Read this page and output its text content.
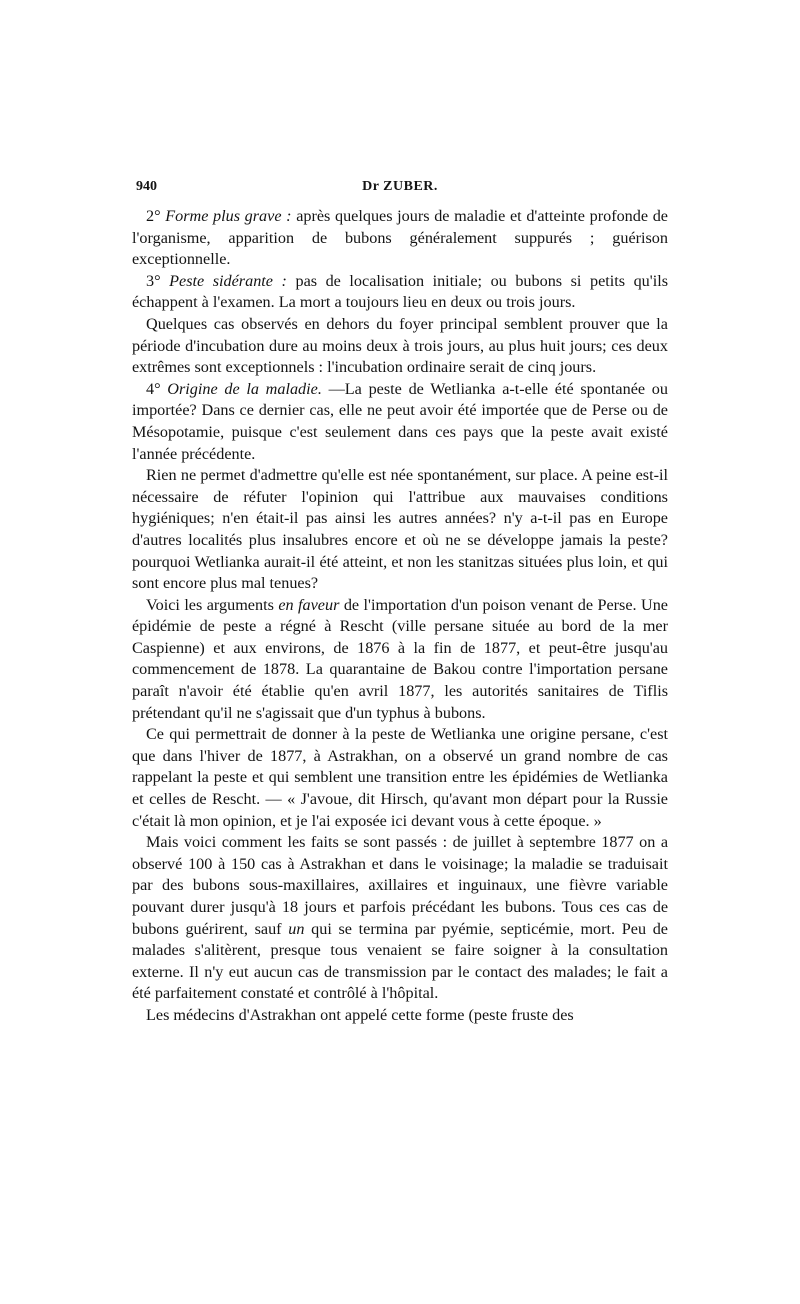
940	Dr ZUBER.

2° Forme plus grave : après quelques jours de maladie et d'atteinte profonde de l'organisme, apparition de bubons généralement suppurés ; guérison exceptionnelle.

3° Peste sidérante : pas de localisation initiale; ou bubons si petits qu'ils échappent à l'examen. La mort a toujours lieu en deux ou trois jours.

Quelques cas observés en dehors du foyer principal semblent prouver que la période d'incubation dure au moins deux à trois jours, au plus huit jours; ces deux extrêmes sont exceptionnels : l'incubation ordinaire serait de cinq jours.

4° Origine de la maladie. —La peste de Wetlianka a-t-elle été spontanée ou importée? Dans ce dernier cas, elle ne peut avoir été importée que de Perse ou de Mésopotamie, puisque c'est seulement dans ces pays que la peste avait existé l'année précédente.

Rien ne permet d'admettre qu'elle est née spontanément, sur place. A peine est-il nécessaire de réfuter l'opinion qui l'attribue aux mauvaises conditions hygiéniques; n'en était-il pas ainsi les autres années? n'y a-t-il pas en Europe d'autres localités plus insalubres encore et où ne se développe jamais la peste? pourquoi Wetlianka aurait-il été atteint, et non les stanitzas situées plus loin, et qui sont encore plus mal tenues?

Voici les arguments en faveur de l'importation d'un poison venant de Perse. Une épidémie de peste a régné à Rescht (ville persane située au bord de la mer Caspienne) et aux environs, de 1876 à la fin de 1877, et peut-être jusqu'au commencement de 1878. La quarantaine de Bakou contre l'importation persane paraît n'avoir été établie qu'en avril 1877, les autorités sanitaires de Tiflis prétendant qu'il ne s'agissait que d'un typhus à bubons.

Ce qui permettrait de donner à la peste de Wetlianka une origine persane, c'est que dans l'hiver de 1877, à Astrakhan, on a observé un grand nombre de cas rappelant la peste et qui semblent une transition entre les épidémies de Wetlianka et celles de Rescht. — « J'avoue, dit Hirsch, qu'avant mon départ pour la Russie c'était là mon opinion, et je l'ai exposée ici devant vous à cette époque. »

Mais voici comment les faits se sont passés : de juillet à septembre 1877 on a observé 100 à 150 cas à Astrakhan et dans le voisinage; la maladie se traduisait par des bubons sous-maxillaires, axillaires et inguinaux, une fièvre variable pouvant durer jusqu'à 18 jours et parfois précédant les bubons. Tous ces cas de bubons guérirent, sauf un qui se termina par pyémie, septicémie, mort. Peu de malades s'alitèrent, presque tous venaient se faire soigner à la consultation externe. Il n'y eut aucun cas de transmission par le contact des malades; le fait a été parfaitement constaté et contrôlé à l'hôpital.

Les médecins d'Astrakhan ont appelé cette forme (peste fruste des
